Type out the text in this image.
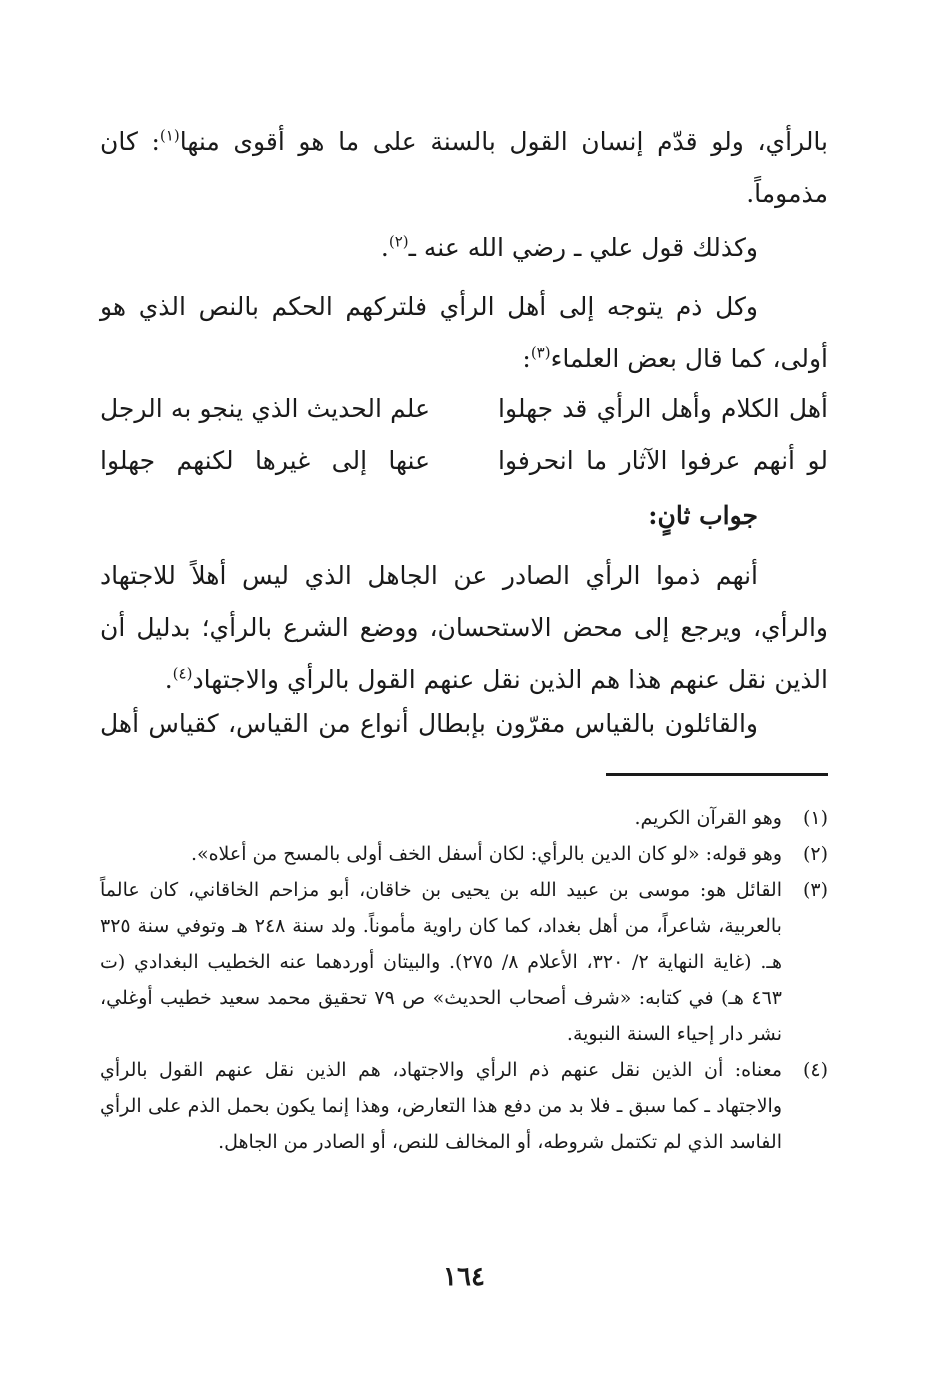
بالرأي، ولو قدّم إنسان القول بالسنة على ما هو أقوى منها$^{(١)}$: كان مذموماً.
وكذلك قول علي ـ رضي الله عنه ـ$^{(٢)}$.
وكل ذم يتوجه إلى أهل الرأي فلتركهم الحكم بالنص الذي هو أولى، كما قال بعض العلماء$^{(٣)}$:
أهل الكلام وأهل الرأي قد جهلوا
علم الحديث الذي ينجو به الرجل
لو أنهم عرفوا الآثار ما انحرفوا
عنها إلى غيرها لكنهم جهلوا
جواب ثانٍ:
أنهم ذموا الرأي الصادر عن الجاهل الذي ليس أهلاً للاجتهاد والرأي، ويرجع إلى محض الاستحسان، ووضع الشرع بالرأي؛ بدليل أن الذين نقل عنهم هذا هم الذين نقل عنهم القول بالرأي والاجتهاد$^{(٤)}$.
والقائلون بالقياس مقرّون بإبطال أنواع من القياس، كقياس أهل
(١)
وهو القرآن الكريم.
(٢)
وهو قوله: «لو كان الدين بالرأي: لكان أسفل الخف أولى بالمسح من أعلاه».
(٣)
القائل هو: موسى بن عبيد الله بن يحيى بن خاقان، أبو مزاحم الخاقاني، كان عالماً بالعربية، شاعراً، من أهل بغداد، كما كان راوية مأموناً. ولد سنة ٢٤٨ هـ وتوفي سنة ٣٢٥ هـ. (غاية النهاية ٢/ ٣٢٠، الأعلام ٨/ ٢٧٥). والبيتان أوردهما عنه الخطيب البغدادي (ت ٤٦٣ هـ) في كتابه: «شرف أصحاب الحديث» ص ٧٩ تحقيق محمد سعيد خطيب أوغلي، نشر دار إحياء السنة النبوية.
(٤)
معناه: أن الذين نقل عنهم ذم الرأي والاجتهاد، هم الذين نقل عنهم القول بالرأي والاجتهاد ـ كما سبق ـ فلا بد من دفع هذا التعارض، وهذا إنما يكون بحمل الذم على الرأي الفاسد الذي لم تكتمل شروطه، أو المخالف للنص، أو الصادر من الجاهل.
١٦٤
